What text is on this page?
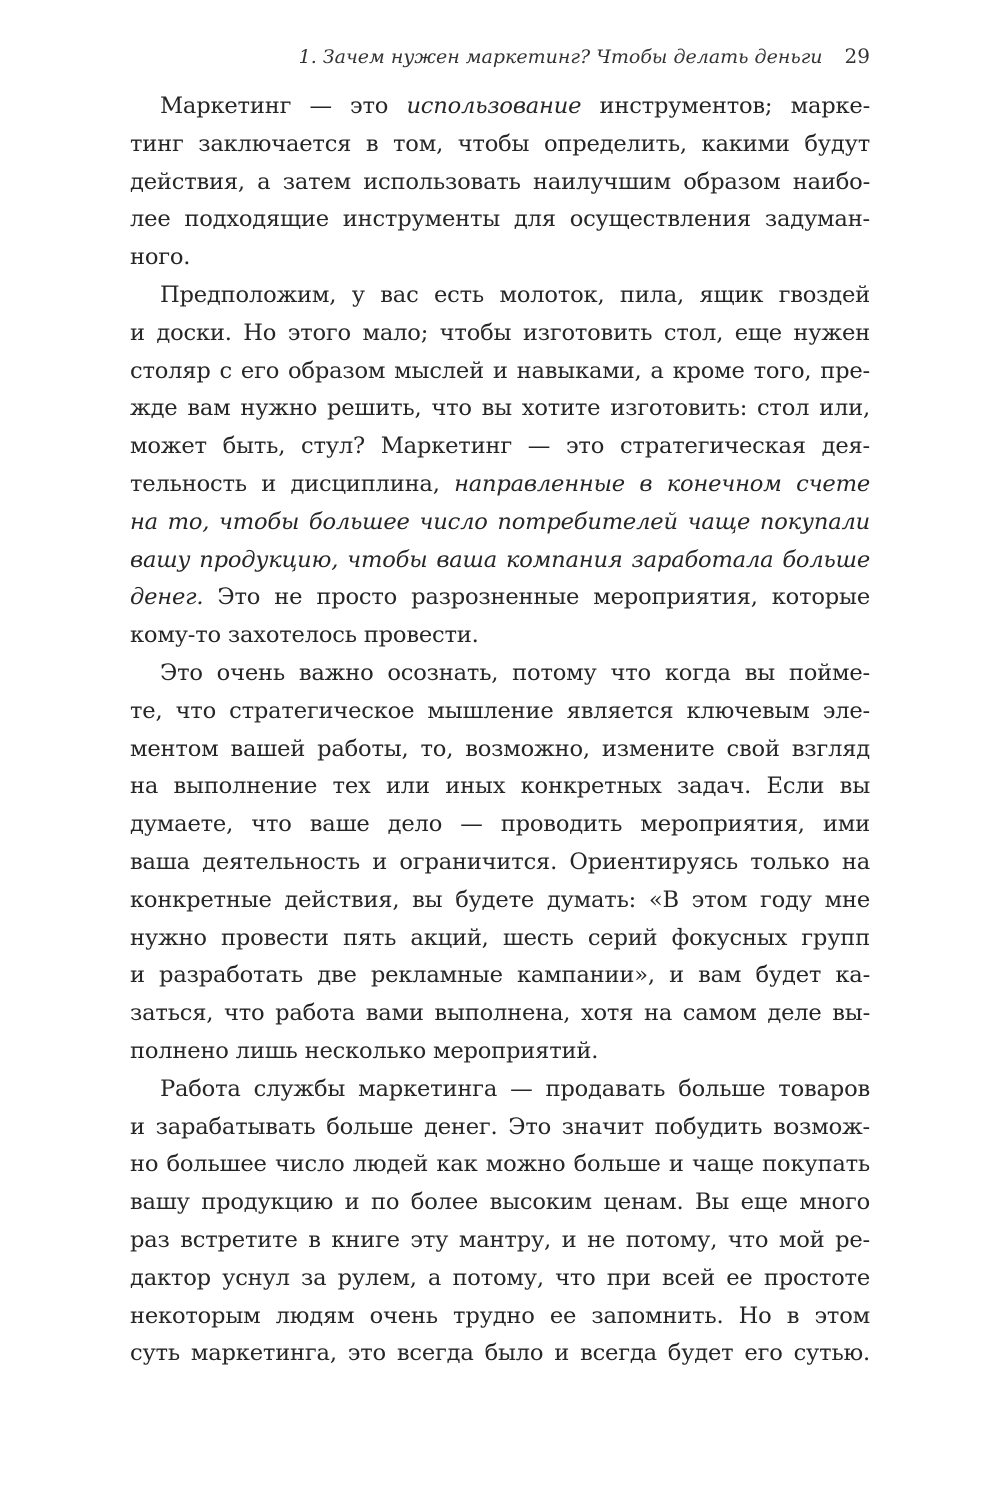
1. Зачем нужен маркетинг? Чтобы делать деньги 29
Маркетинг — это использование инструментов; марке-
тинг заключается в том, чтобы определить, какими будут
действия, а затем использовать наилучшим образом наибо-
лее подходящие инструменты для осуществления задуман-
ного.
Предположим, у вас есть молоток, пила, ящик гвоздей
и доски. Но этого мало; чтобы изготовить стол, еще нужен
столяр с его образом мыслей и навыками, а кроме того, пре-
жде вам нужно решить, что вы хотите изготовить: стол или,
может быть, стул? Маркетинг — это стратегическая дея-
тельность и дисциплина, направленные в конечном счете
на то, чтобы большее число потребителей чаще покупали
вашу продукцию, чтобы ваша компания заработала больше
денег. Это не просто разрозненные мероприятия, которые
кому-то захотелось провести.
Это очень важно осознать, потому что когда вы пойме-
те, что стратегическое мышление является ключевым эле-
ментом вашей работы, то, возможно, измените свой взгляд
на выполнение тех или иных конкретных задач. Если вы
думаете, что ваше дело — проводить мероприятия, ими
ваша деятельность и ограничится. Ориентируясь только на
конкретные действия, вы будете думать: «В этом году мне
нужно провести пять акций, шесть серий фокусных групп
и разработать две рекламные кампании», и вам будет ка-
заться, что работа вами выполнена, хотя на самом деле вы-
полнено лишь несколько мероприятий.
Работа службы маркетинга — продавать больше товаров
и зарабатывать больше денег. Это значит побудить возмож-
но большее число людей как можно больше и чаще покупать
вашу продукцию и по более высоким ценам. Вы еще много
раз встретите в книге эту мантру, и не потому, что мой ре-
дактор уснул за рулем, а потому, что при всей ее простоте
некоторым людям очень трудно ее запомнить. Но в этом
суть маркетинга, это всегда было и всегда будет его сутью.
